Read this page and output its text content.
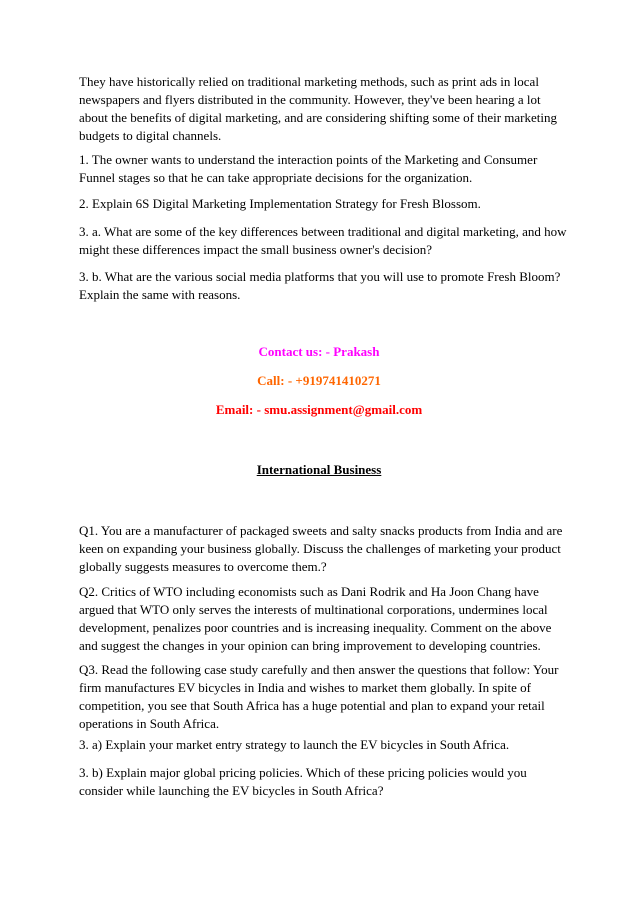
They have historically relied on traditional marketing methods, such as print ads in local newspapers and flyers distributed in the community. However, they've been hearing a lot about the benefits of digital marketing, and are considering shifting some of their marketing budgets to digital channels.

1. The owner wants to understand the interaction points of the Marketing and Consumer Funnel stages so that he can take appropriate decisions for the organization.

2. Explain 6S Digital Marketing Implementation Strategy for Fresh Blossom.

3. a. What are some of the key differences between traditional and digital marketing, and how might these differences impact the small business owner's decision?

3. b. What are the various social media platforms that you will use to promote Fresh Bloom? Explain the same with reasons.

Contact us: - Prakash

Call: - +919741410271

Email: - smu.assignment@gmail.com

International Business

Q1. You are a manufacturer of packaged sweets and salty snacks products from India and are keen on expanding your business globally. Discuss the challenges of marketing your product globally suggests measures to overcome them.?

Q2. Critics of WTO including economists such as Dani Rodrik and Ha Joon Chang have argued that WTO only serves the interests of multinational corporations, undermines local development, penalizes poor countries and is increasing inequality. Comment on the above and suggest the changes in your opinion can bring improvement to developing countries.

Q3. Read the following case study carefully and then answer the questions that follow: Your firm manufactures EV bicycles in India and wishes to market them globally. In spite of competition, you see that South Africa has a huge potential and plan to expand your retail operations in South Africa.

3. a) Explain your market entry strategy to launch the EV bicycles in South Africa.

3. b) Explain major global pricing policies. Which of these pricing policies would you consider while launching the EV bicycles in South Africa?
